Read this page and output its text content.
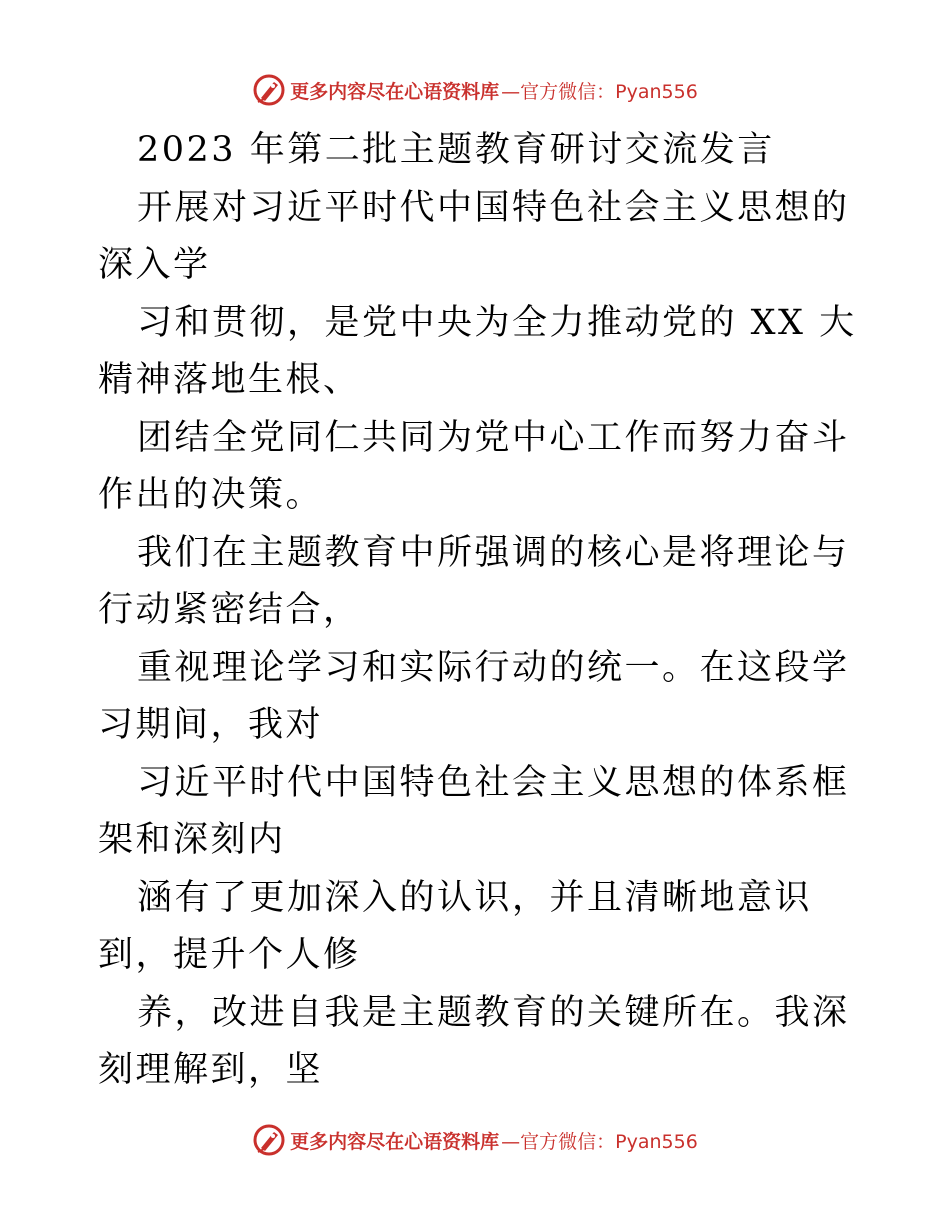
更多内容尽在心语资料库 —官方微信：Pyan556

2023 年第二批主题教育研讨交流发言

开展对习近平时代中国特色社会主义思想的深入学

习和贯彻，是党中央为全力推动党的 XX 大精神落地生根、

团结全党同仁共同为党中心工作而努力奋斗作出的决策。

我们在主题教育中所强调的核心是将理论与行动紧密结合，

重视理论学习和实际行动的统一。在这段学习期间，我对

习近平时代中国特色社会主义思想的体系框架和深刻内

涵有了更加深入的认识，并且清晰地意识到，提升个人修

养，改进自我是主题教育的关键所在。我深刻理解到，坚

更多内容尽在心语资料库 —官方微信：Pyan556
